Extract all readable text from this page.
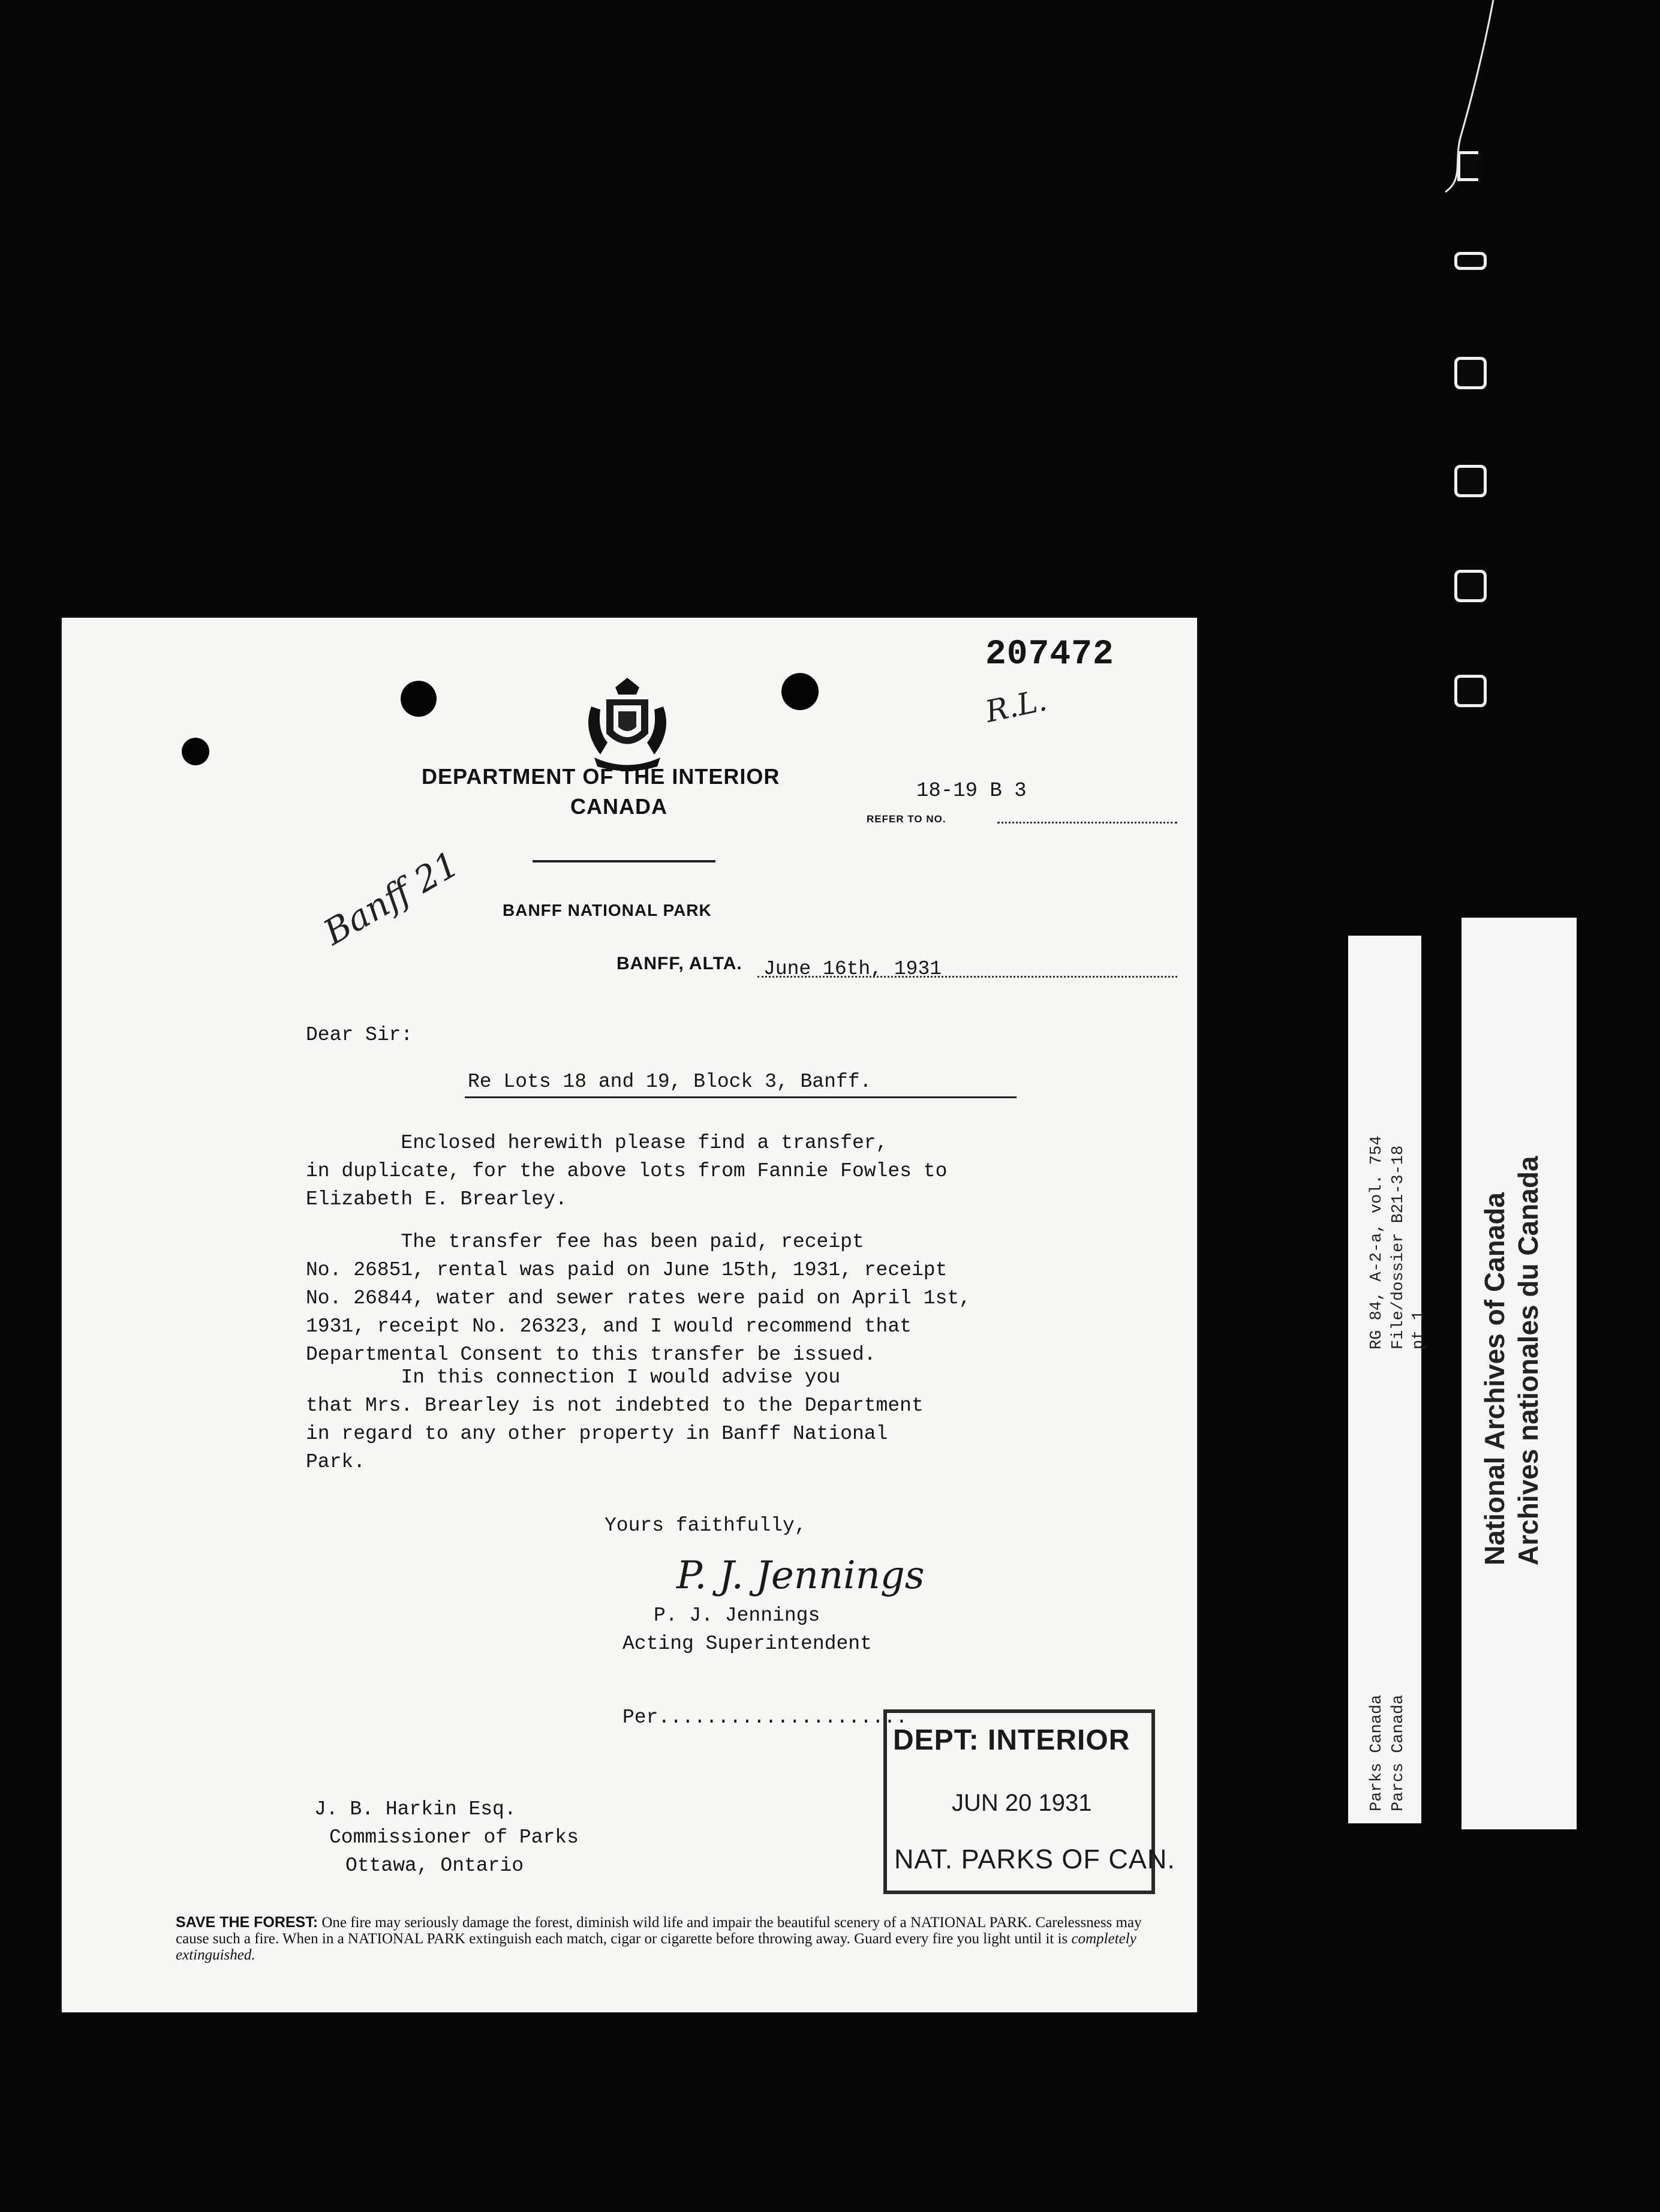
207472
R.L.
DEPARTMENT OF THE INTERIOR
CANADA
18-19 B 3
REFER TO NO.
BANFF NATIONAL PARK
Banff 21
BANFF, ALTA. June 16th, 1931
Dear Sir:
Re Lots 18 and 19, Block 3, Banff.
Enclosed herewith please find a transfer,
in duplicate, for the above lots from Fannie Fowles to
Elizabeth E. Brearley.
The transfer fee has been paid, receipt
No. 26851, rental was paid on June 15th, 1931, receipt
No. 26844, water and sewer rates were paid on April 1st,
1931, receipt No. 26323, and I would recommend that
Departmental Consent to this transfer be issued.
In this connection I would advise you
that Mrs. Brearley is not indebted to the Department
in regard to any other property in Banff National
Park.
Yours faithfully,
P. J. Jennings
P. J. Jennings
Acting Superintendent
Per.....................
J. B. Harkin Esq.
Commissioner of Parks
Ottawa, Ontario
DEPT: INTERIOR
JUN 20 1931
NAT. PARKS OF CAN.
SAVE THE FOREST: One fire may seriously damage the forest, diminish wild life and impair the beautiful scenery of a NATIONAL PARK. Carelessness may cause such a fire. When in a NATIONAL PARK extinguish each match, cigar or cigarette before throwing away. Guard every fire you light until it is completely extinguished.
RG 84, A-2-a, vol. 754 File/dossier B21-3-18 pt 1
Parks Canada Parcs Canada
National Archives of Canada Archives nationales du Canada
